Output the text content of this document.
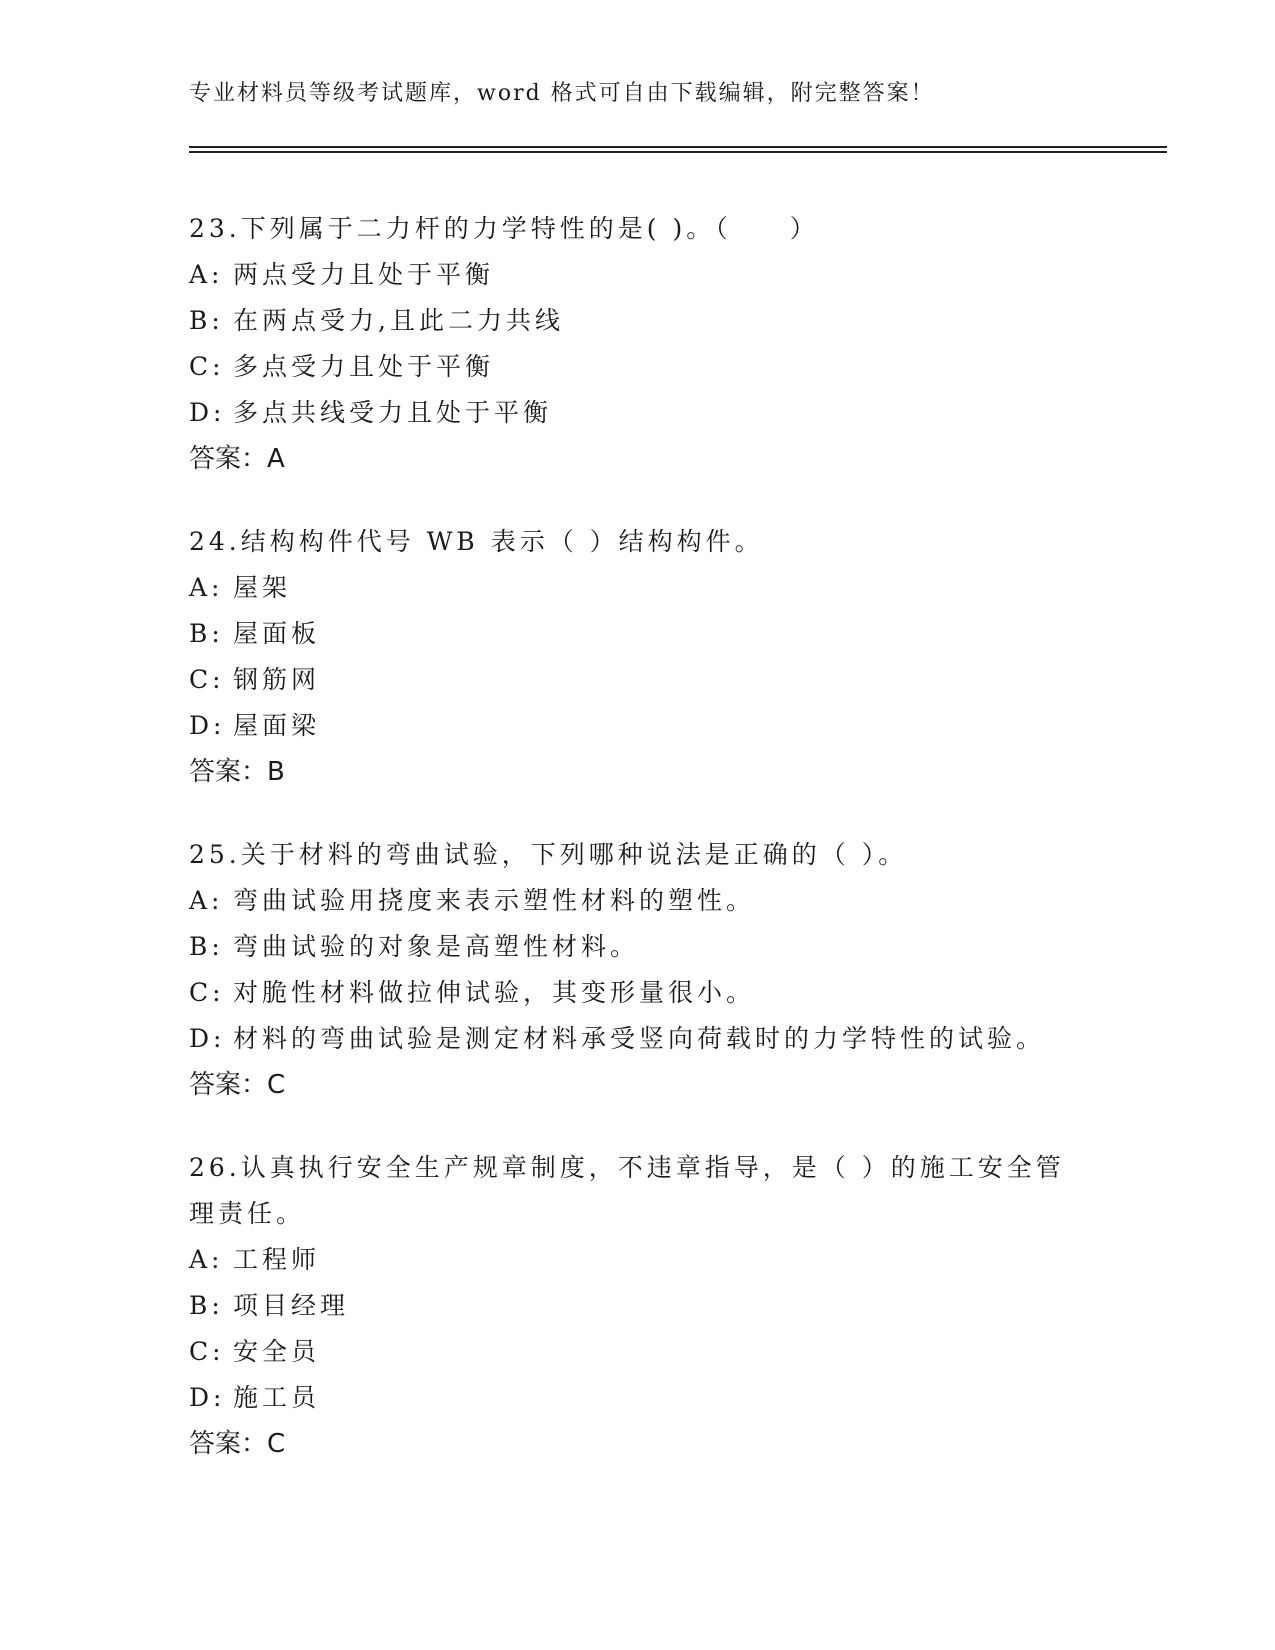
专业材料员等级考试题库，word 格式可自由下载编辑，附完整答案！
23.下列属于二力杆的力学特性的是( )。（　　）
A: 两点受力且处于平衡
B: 在两点受力,且此二力共线
C: 多点受力且处于平衡
D: 多点共线受力且处于平衡
答案：A
24.结构构件代号 WB 表示（ ）结构构件。
A: 屋架
B: 屋面板
C: 钢筋网
D: 屋面梁
答案：B
25.关于材料的弯曲试验，下列哪种说法是正确的（ ）。
A: 弯曲试验用挠度来表示塑性材料的塑性。
B: 弯曲试验的对象是高塑性材料。
C: 对脆性材料做拉伸试验，其变形量很小。
D: 材料的弯曲试验是测定材料承受竖向荷载时的力学特性的试验。
答案：C
26.认真执行安全生产规章制度，不违章指导，是（ ）的施工安全管
理责任。
A: 工程师
B: 项目经理
C: 安全员
D: 施工员
答案：C
